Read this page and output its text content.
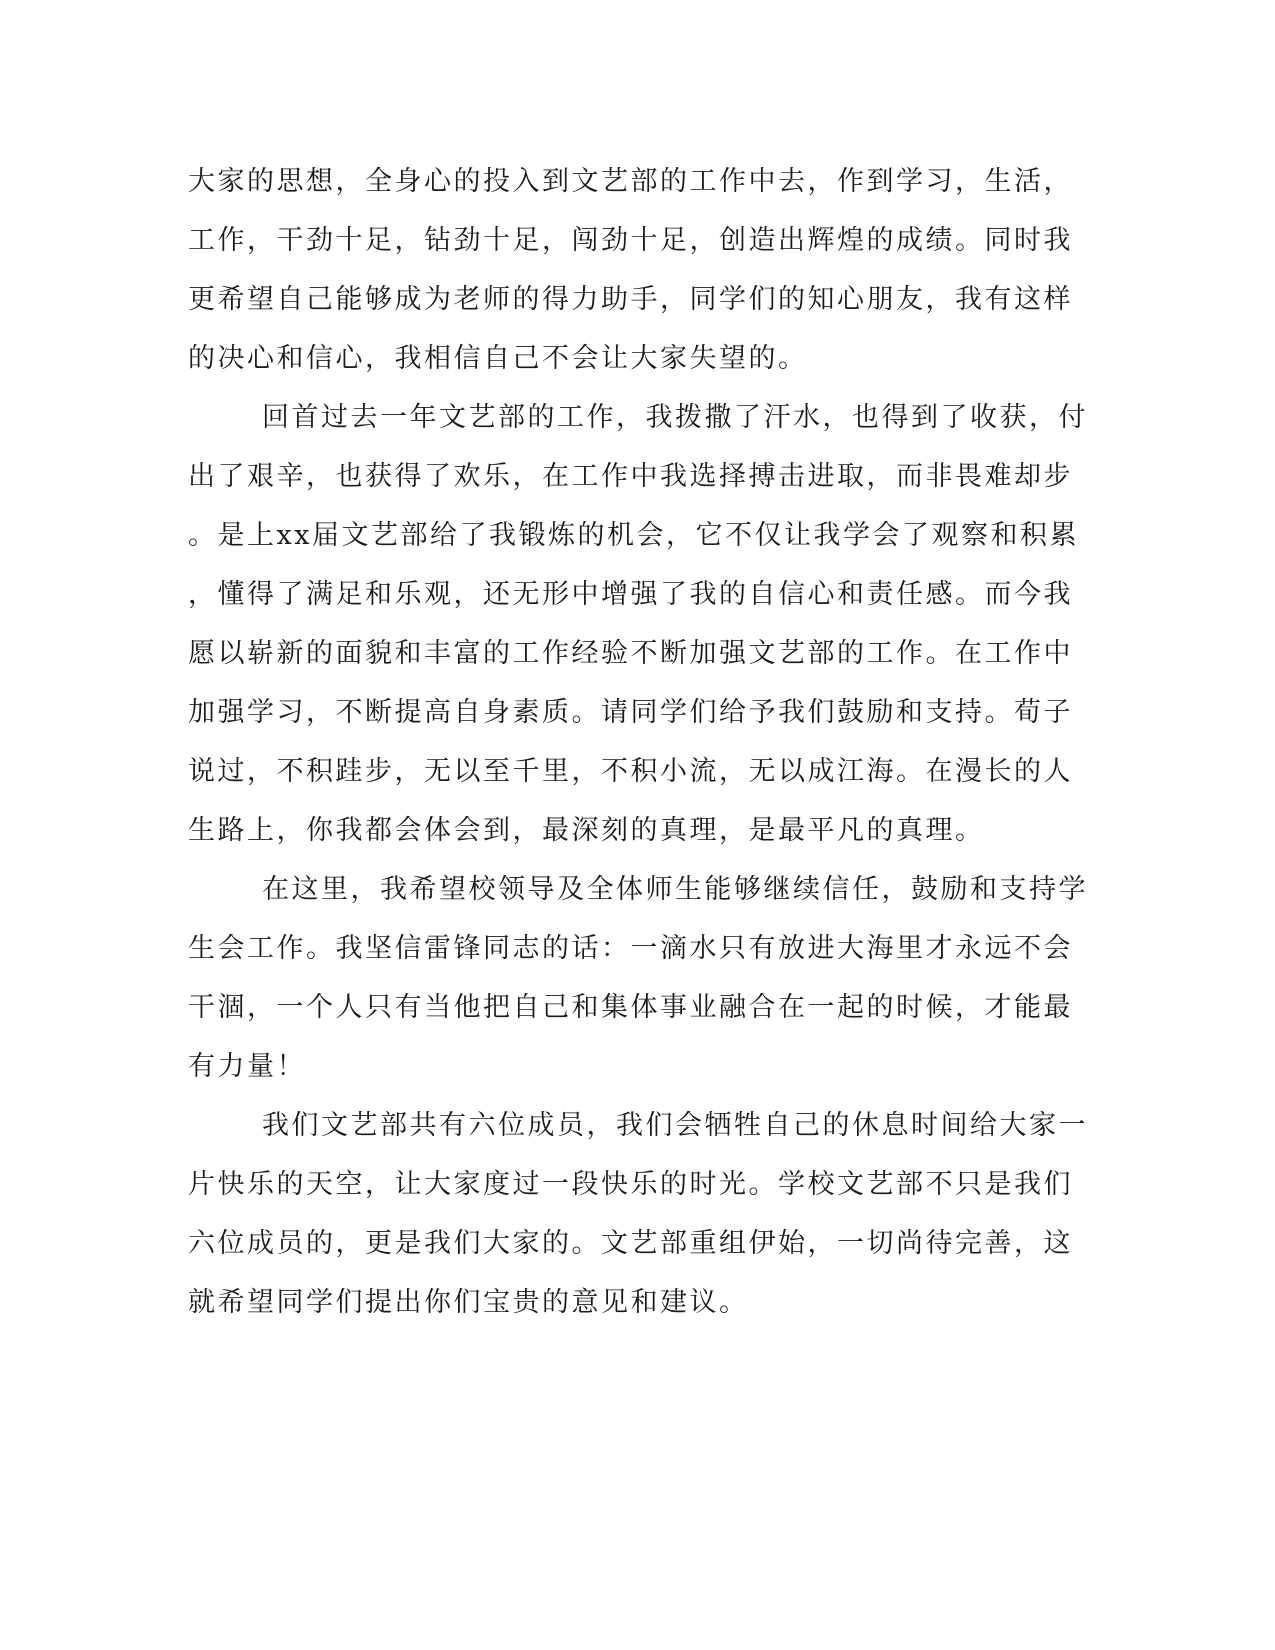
大家的思想，全身心的投入到文艺部的工作中去，作到学习，生活，
工作，干劲十足，钻劲十足，闯劲十足，创造出辉煌的成绩。同时我
更希望自己能够成为老师的得力助手，同学们的知心朋友，我有这样
的决心和信心，我相信自己不会让大家失望的。
回首过去一年文艺部的工作，我拨撒了汗水，也得到了收获，付
出了艰辛，也获得了欢乐，在工作中我选择搏击进取，而非畏难却步
。是上xx届文艺部给了我锻炼的机会，它不仅让我学会了观察和积累
，懂得了满足和乐观，还无形中增强了我的自信心和责任感。而今我
愿以崭新的面貌和丰富的工作经验不断加强文艺部的工作。在工作中
加强学习，不断提高自身素质。请同学们给予我们鼓励和支持。荀子
说过，不积跬步，无以至千里，不积小流，无以成江海。在漫长的人
生路上，你我都会体会到，最深刻的真理，是最平凡的真理。
在这里，我希望校领导及全体师生能够继续信任，鼓励和支持学
生会工作。我坚信雷锋同志的话：一滴水只有放进大海里才永远不会
干涸，一个人只有当他把自己和集体事业融合在一起的时候，才能最
有力量！
我们文艺部共有六位成员，我们会牺牲自己的休息时间给大家一
片快乐的天空，让大家度过一段快乐的时光。学校文艺部不只是我们
六位成员的，更是我们大家的。文艺部重组伊始，一切尚待完善，这
就希望同学们提出你们宝贵的意见和建议。
